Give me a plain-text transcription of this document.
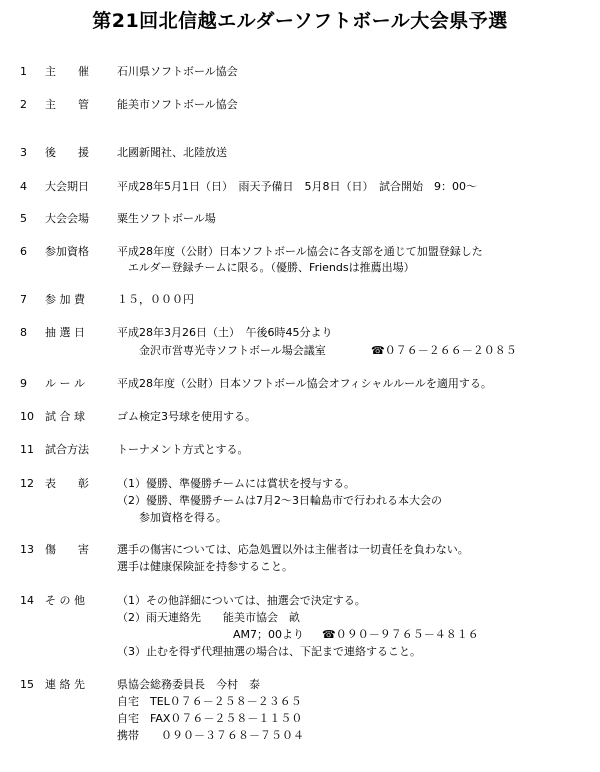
第21回北信越エルダーソフトボール大会県予選
1 主　　催	石川県ソフトボール協会
2 主　　管	能美市ソフトボール協会
3 後　　援	北國新聞社、北陸放送
4 大会期日	平成28年5月1日（日）　雨天予備日　5月8日（日）　試合開始　9：00～
5 大会会場	粟生ソフトボール場
6 参加資格	平成28年度（公財）日本ソフトボール協会に各支部を通じて加盟登録した
　エルダー登録チームに限る。（優勝、Friendsは推薦出場）
7 参 加 費	１５，０００円
8 抽 選 日	平成28年3月26日（土）　午後6時45分より
　　金沢市営専光寺ソフトボール場会議室	☎０７６－２６６－２０８５
9 ル ー ル	平成28年度（公財）日本ソフトボール協会オフィシャルルールを適用する。
10 試 合 球	ゴム検定3号球を使用する。
11 試合方法	トーナメント方式とする。
12 表　　彰	（1）優勝、準優勝チームには賞状を授与する。
（2）優勝、準優勝チームは7月2～3日輪島市で行われる本大会の
　　参加資格を得る。
13 傷　　害	選手の傷害については、応急処置以外は主催者は一切責任を負わない。
選手は健康保険証を持参すること。
14 そ の 他	（1）その他詳細については、抽選会で決定する。
（2）雨天連絡先　　能美市協会　畝
AM7；00より ☎０９０－９７６５－４８１６
（3）止むを得ず代理抽選の場合は、下記まで連絡すること。
15 連 絡 先	県協会総務委員長　今村　泰
自宅　TEL０７６－２５８－２３６５
自宅　FAX０７６－２５８－１１５０
携帯　　０９０－３７６８－７５０４
